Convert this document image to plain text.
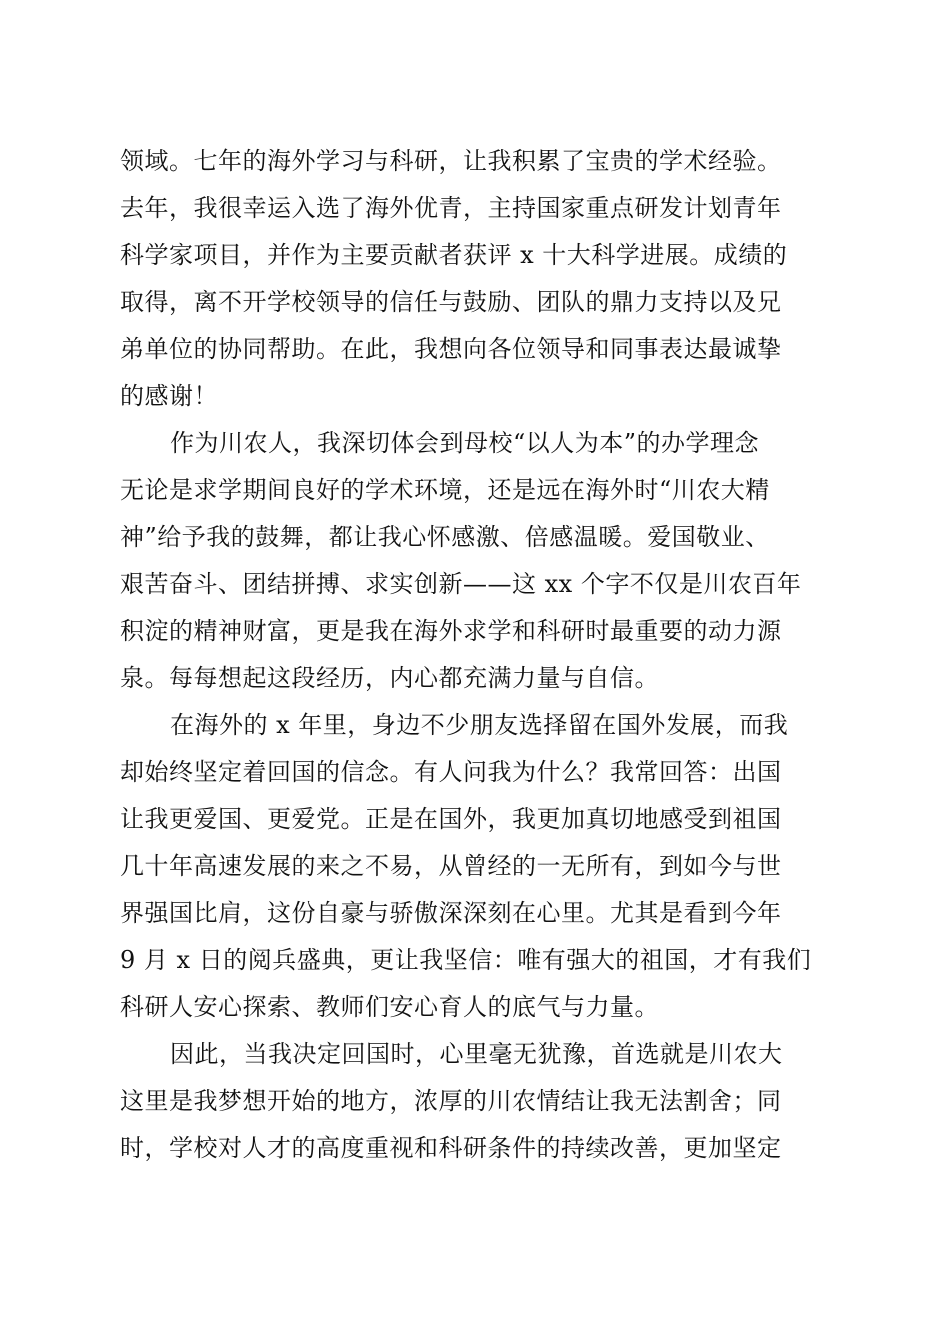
领域。七年的海外学习与科研，让我积累了宝贵的学术经验。
去年，我很幸运入选了海外优青，主持国家重点研发计划青年
科学家项目，并作为主要贡献者获评 x 十大科学进展。成绩的
取得，离不开学校领导的信任与鼓励、团队的鼎力支持以及兄
弟单位的协同帮助。在此，我想向各位领导和同事表达最诚挚
的感谢！
作为川农人，我深切体会到母校“以人为本”的办学理念
无论是求学期间良好的学术环境，还是远在海外时“川农大精
神”给予我的鼓舞，都让我心怀感激、倍感温暖。爱国敬业、
艰苦奋斗、团结拼搏、求实创新——这 xx 个字不仅是川农百年
积淀的精神财富，更是我在海外求学和科研时最重要的动力源
泉。每每想起这段经历，内心都充满力量与自信。
在海外的 x 年里，身边不少朋友选择留在国外发展，而我
却始终坚定着回国的信念。有人问我为什么？我常回答：出国
让我更爱国、更爱党。正是在国外，我更加真切地感受到祖国
几十年高速发展的来之不易，从曾经的一无所有，到如今与世
界强国比肩，这份自豪与骄傲深深刻在心里。尤其是看到今年
9 月 x 日的阅兵盛典，更让我坚信：唯有强大的祖国，才有我们
科研人安心探索、教师们安心育人的底气与力量。
因此，当我决定回国时，心里毫无犹豫，首选就是川农大
这里是我梦想开始的地方，浓厚的川农情结让我无法割舍；同
时，学校对人才的高度重视和科研条件的持续改善，更加坚定
